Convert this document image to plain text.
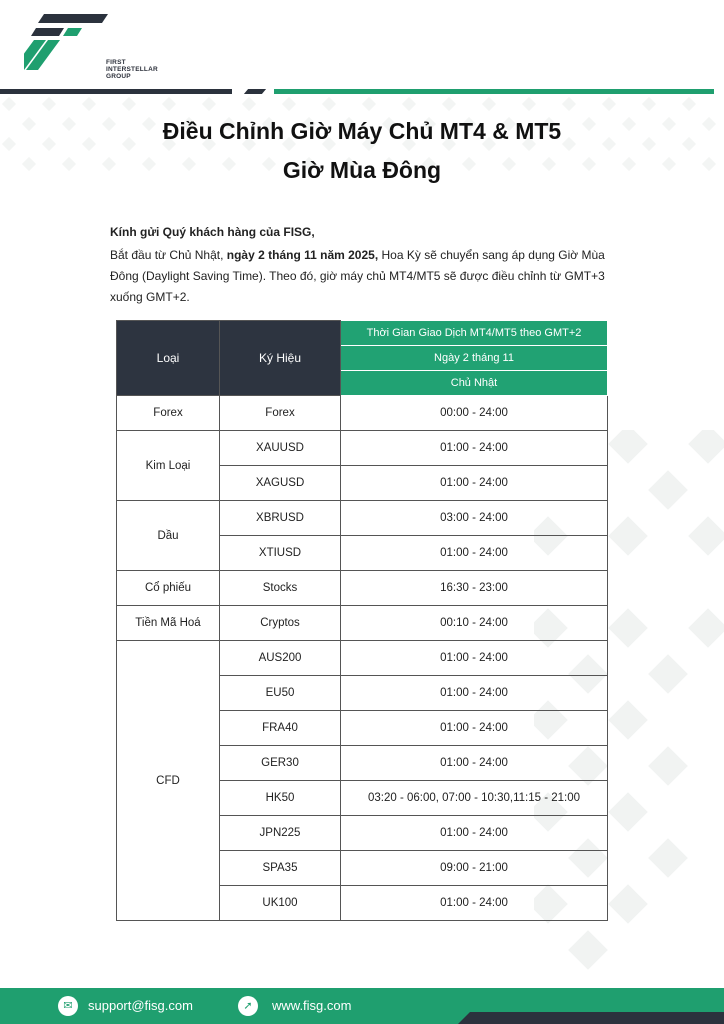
FIRST
INTERSTELLAR
GROUP
Điều Chỉnh Giờ Máy Chủ MT4 & MT5
Giờ Mùa Đông

Kính gửi Quý khách hàng của FISG,

Bắt đầu từ Chủ Nhật, ngày 2 tháng 11 năm 2025, Hoa Kỳ sẽ chuyển sang áp dụng Giờ Mùa Đông (Daylight Saving Time). Theo đó, giờ máy chủ MT4/MT5 sẽ được điều chỉnh từ GMT+3 xuống GMT+2.

Loại	Ký Hiệu	Thời Gian Giao Dịch MT4/MT5 theo GMT+2
		Ngày 2 tháng 11
		Chủ Nhật
Forex	Forex	00:00 - 24:00
Kim Loại	XAUUSD	01:00 - 24:00
	XAGUSD	01:00 - 24:00
Dầu	XBRUSD	03:00 - 24:00
	XTIUSD	01:00 - 24:00
Cổ phiếu	Stocks	16:30 - 23:00
Tiền Mã Hoá	Cryptos	00:10 - 24:00
CFD	AUS200	01:00 - 24:00
	EU50	01:00 - 24:00
	FRA40	01:00 - 24:00
	GER30	01:00 - 24:00
	HK50	03:20 - 06:00, 07:00 - 10:30,11:15 - 21:00
	JPN225	01:00 - 24:00
	SPA35	09:00 - 21:00
	UK100	01:00 - 24:00
✉	support@fisg.com	➚	www.fisg.com
